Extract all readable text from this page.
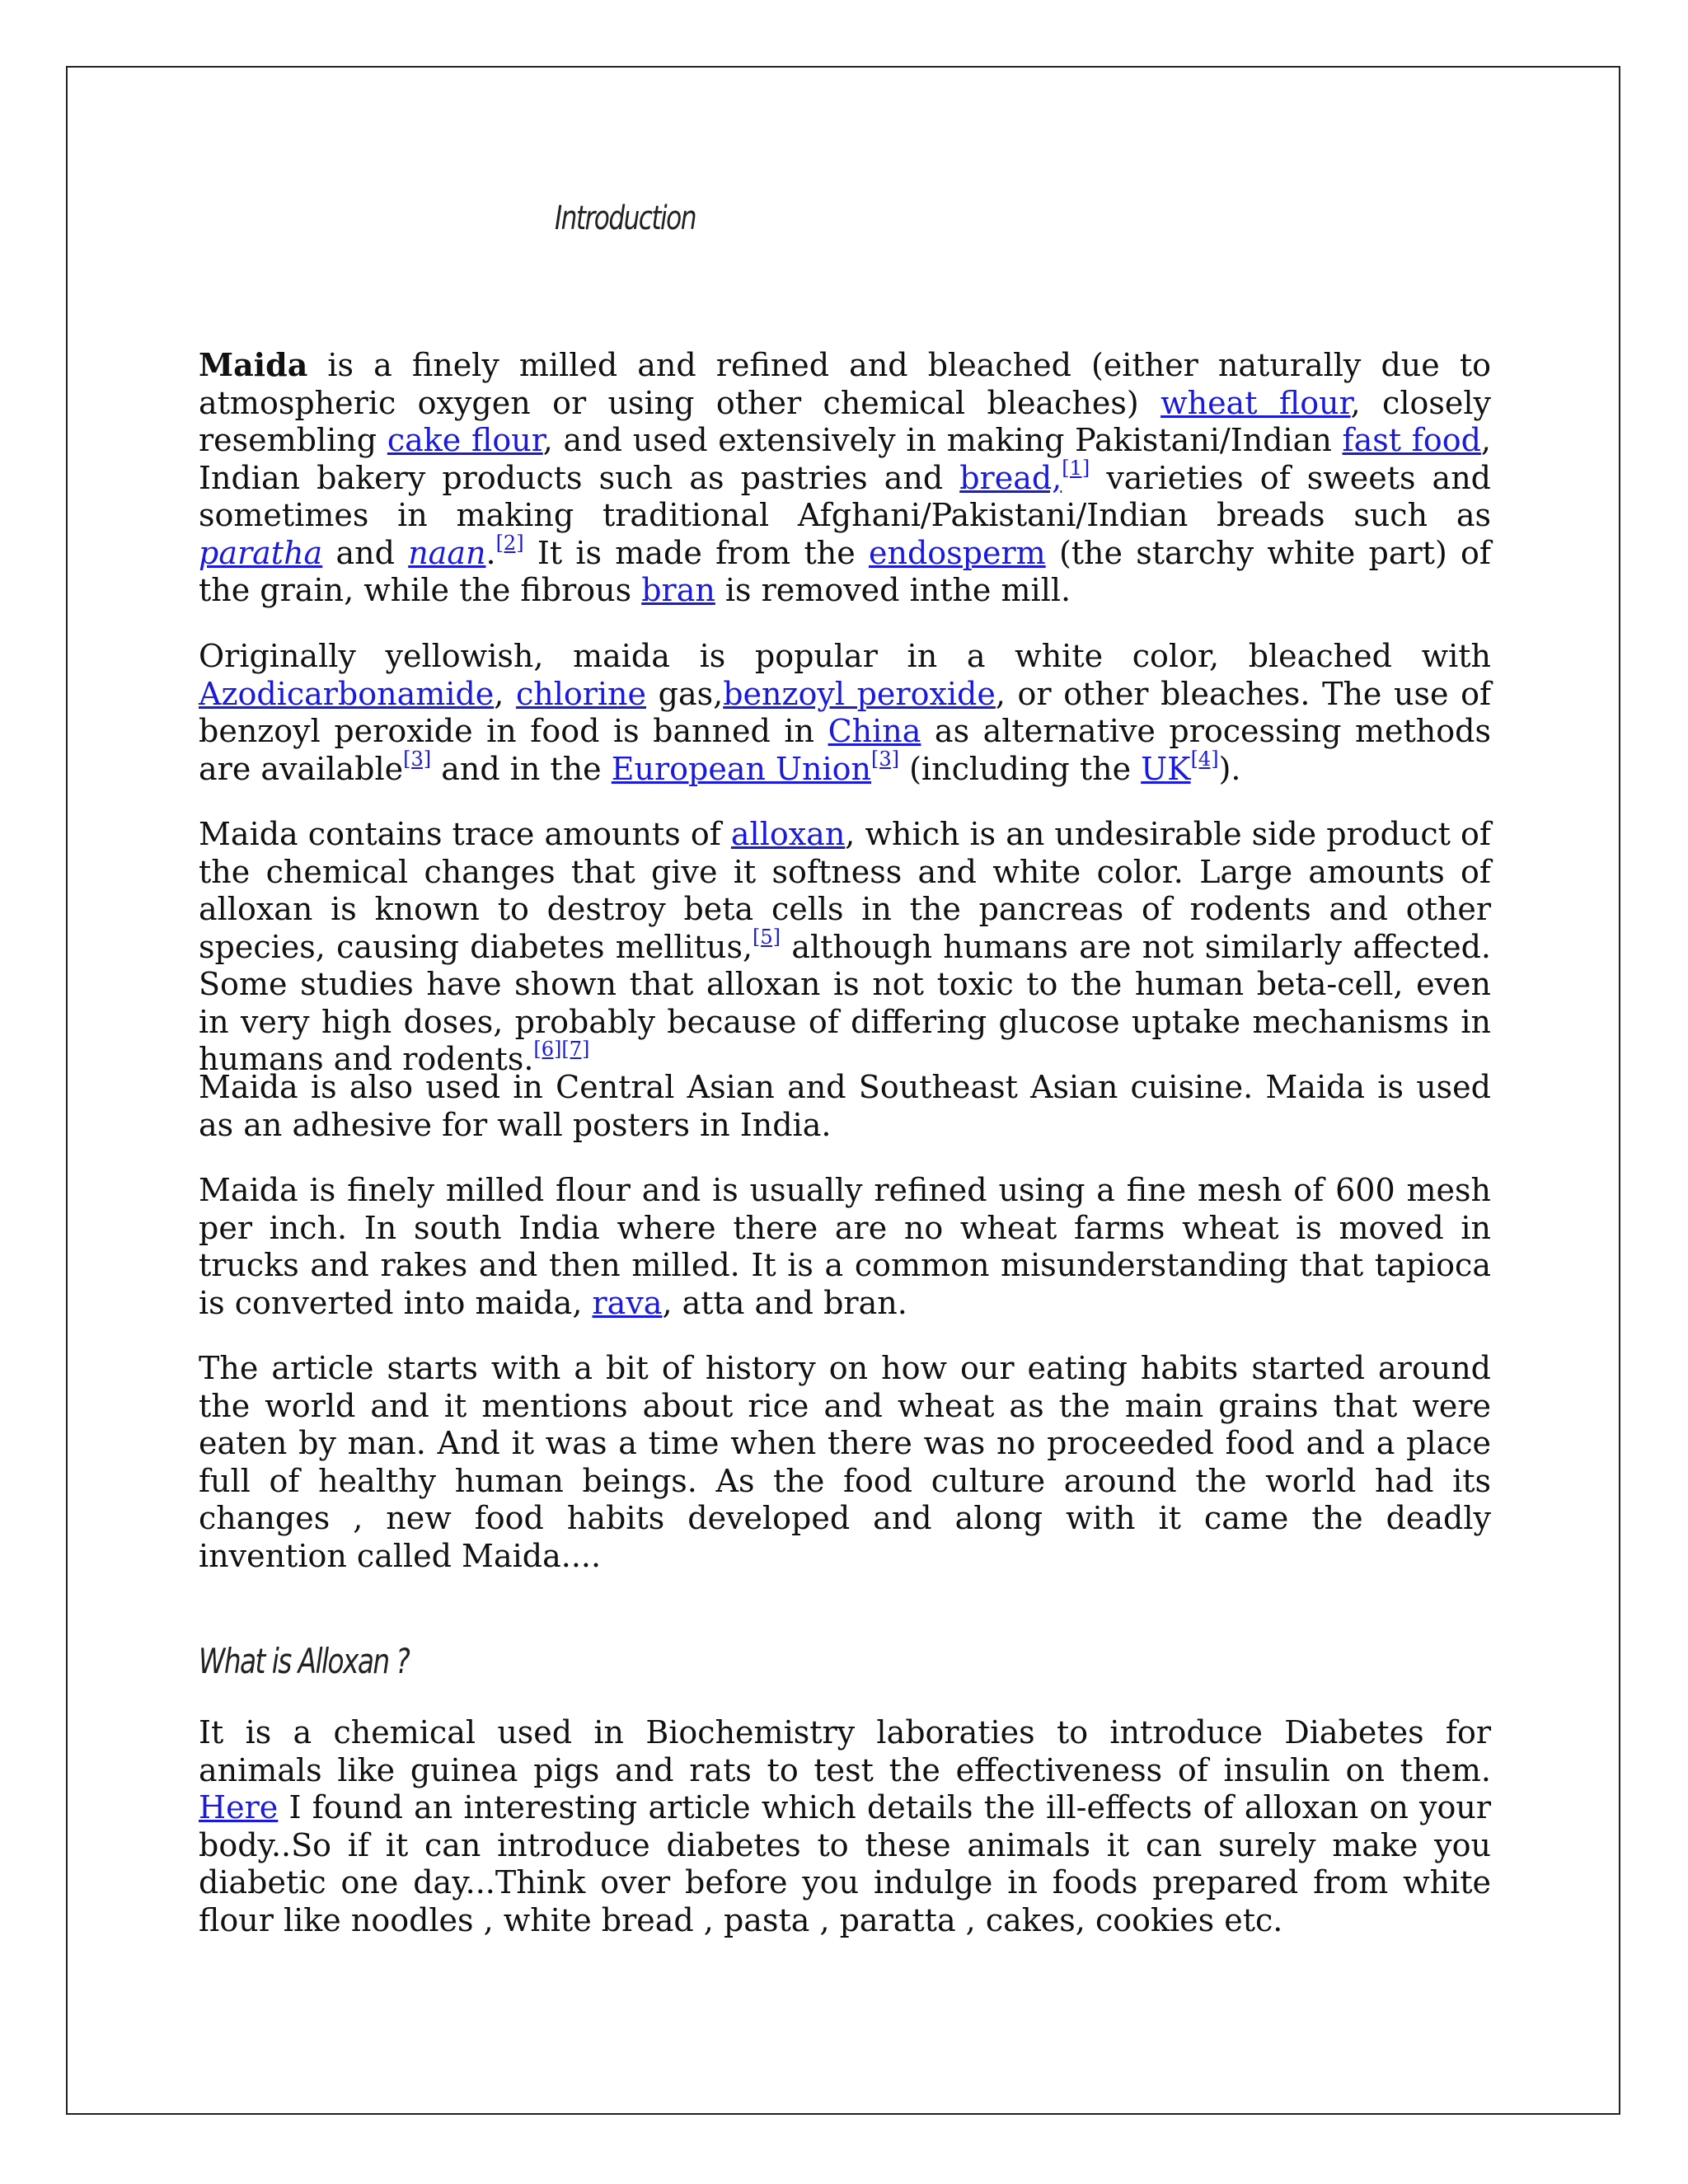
Introduction

Maida is a finely milled and refined and bleached (either naturally due to atmospheric oxygen or using other chemical bleaches) wheat flour, closely resembling cake flour, and used extensively in making Pakistani/Indian fast food, Indian bakery products such as pastries and bread,[1] varieties of sweets and sometimes in making traditional Afghani/Pakistani/Indian breads such as paratha and naan.[2] It is made from the endosperm (the starchy white part) of the grain, while the fibrous bran is removed inthe mill.

Originally yellowish, maida is popular in a white color, bleached with Azodicarbonamide, chlorine gas,benzoyl peroxide, or other bleaches. The use of benzoyl peroxide in food is banned in China as alternative processing methods are available[3] and in the European Union[3] (including the UK[4]).

Maida contains trace amounts of alloxan, which is an undesirable side product of the chemical changes that give it softness and white color. Large amounts of alloxan is known to destroy beta cells in the pancreas of rodents and other species, causing diabetes mellitus,[5] although humans are not similarly affected. Some studies have shown that alloxan is not toxic to the human beta-cell, even in very high doses, probably because of differing glucose uptake mechanisms in humans and rodents.[6][7]

Maida is also used in Central Asian and Southeast Asian cuisine. Maida is used as an adhesive for wall posters in India.

Maida is finely milled flour and is usually refined using a fine mesh of 600 mesh per inch. In south India where there are no wheat farms wheat is moved in trucks and rakes and then milled. It is a common misunderstanding that tapioca is converted into maida, rava, atta and bran.

The article starts with a bit of history on how our eating habits started around the world and it mentions about rice and wheat as the main grains that were eaten by man. And it was a time when there was no proceeded food and a place full of healthy human beings. As the food culture around the world had its changes , new food habits developed and along with it came the deadly invention called Maida....

What is Alloxan ?

It is a chemical used in Biochemistry laboraties to introduce Diabetes for animals like guinea pigs and rats to test the effectiveness of insulin on them. Here I found an interesting article which details the ill-effects of alloxan on your body..So if it can introduce diabetes to these animals it can surely make you diabetic one day...Think over before you indulge in foods prepared from white flour like noodles , white bread , pasta , paratta , cakes, cookies etc.
